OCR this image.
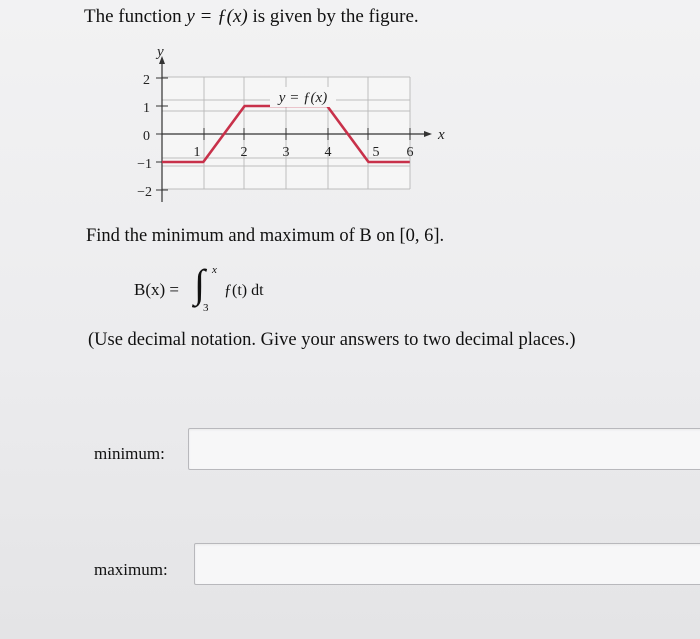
The function y = ƒ(x) is given by the figure.
2
1
0
−1
−2
1	2	3	4	5 6
x
y
y = ƒ(x)
Find the minimum and maximum of B on [0, 6].
B(x) = ∫ x
3
ƒ(t) dt
(Use decimal notation. Give your answers to two decimal places.)
minimum:
maximum:
